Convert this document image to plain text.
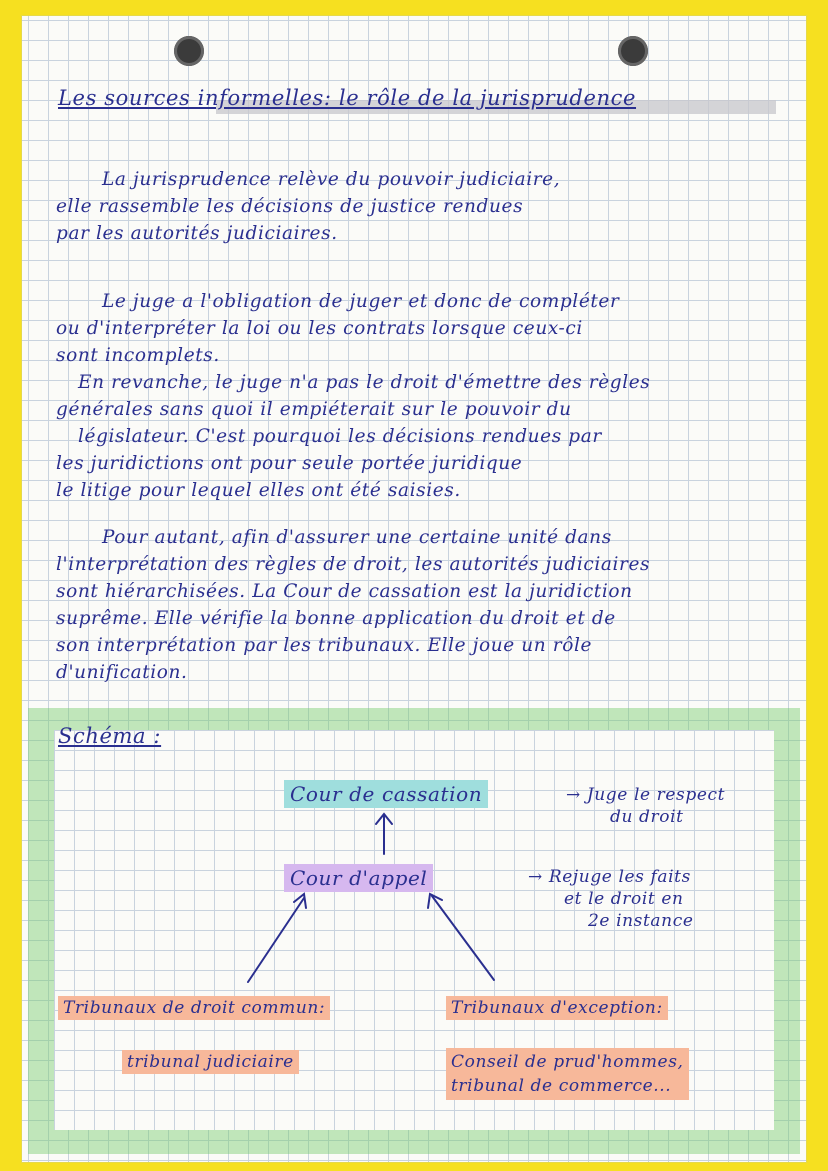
Les sources informelles: le rôle de la jurisprudence
La jurisprudence relève du pouvoir judiciaire,
elle rassemble les décisions de justice rendues
par les autorités judiciaires.
Le juge a l'obligation de juger et donc de compléter
ou d'interpréter la loi ou les contrats lorsque ceux-ci
sont incomplets.
En revanche, le juge n'a pas le droit d'émettre des règles
générales sans quoi il empiéterait sur le pouvoir du
législateur. C'est pourquoi les décisions rendues par
les juridictions ont pour seule portée juridique
le litige pour lequel elles ont été saisies.
Pour autant, afin d'assurer une certaine unité dans
l'interprétation des règles de droit, les autorités judiciaires
sont hiérarchisées. La Cour de cassation est la juridiction
suprême. Elle vérifie la bonne application du droit et de
son interprétation par les tribunaux. Elle joue un rôle
d'unification.
Schéma :
Cour de cassation	→ Juge le respect
du droit
Cour d'appel	→ Rejuge les faits
et le droit en
2e instance
Tribunaux de droit commun:	Tribunaux d'exception:
tribunal judiciaire	Conseil de prud'hommes,
tribunal de commerce...
